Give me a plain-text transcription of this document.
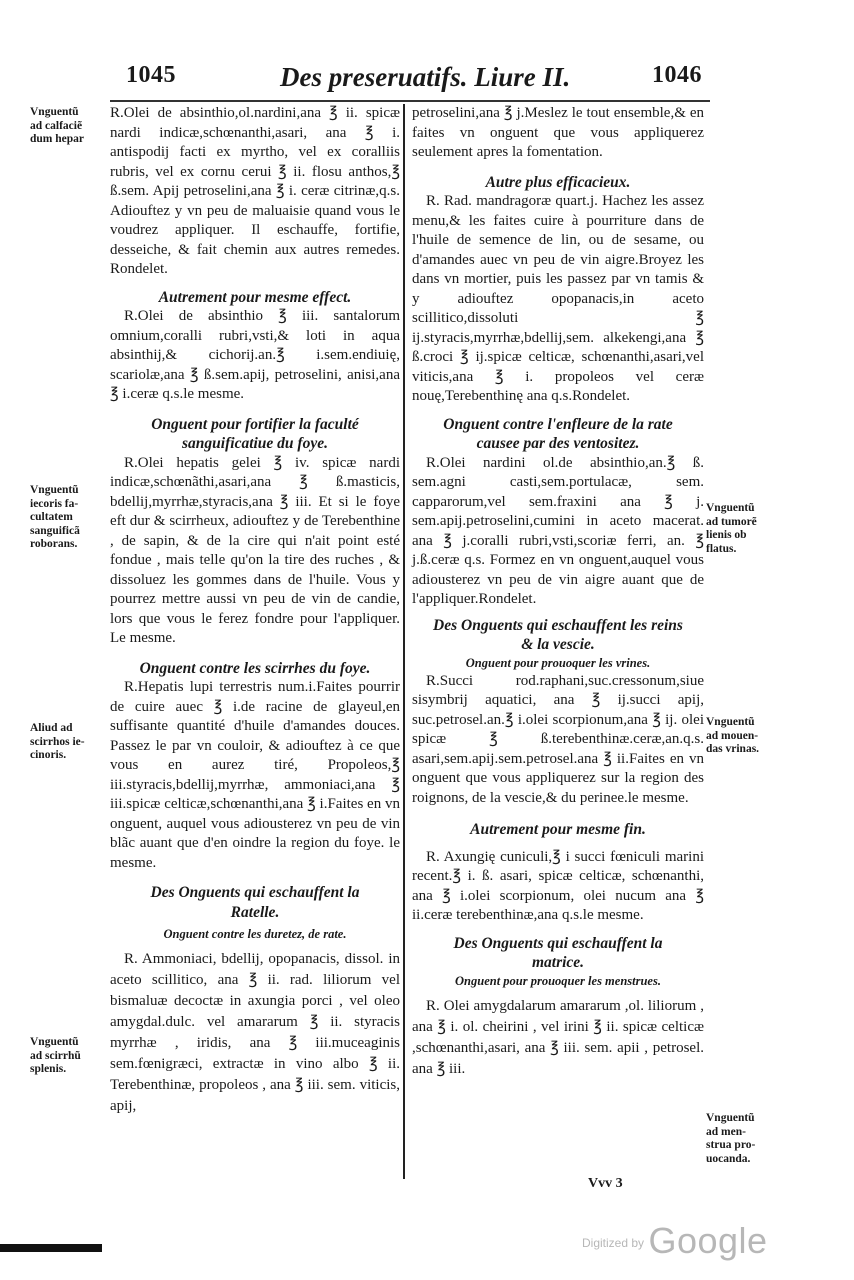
1045	Des preseruatifs. Liure II.	1046

R.Olei de absinthio,ol.nardini,ana ℥ ii. spicæ nardi indicæ,schœnanthi,asari, ana ℥ i. antispodij facti ex myrtho, vel ex coralliis rubris, vel ex cornu cerui ℥ ii. flosu anthos,℥ ß.sem. Apij petroselini,ana ℥ i. ceræ citrinæ,q.s. Adiouftez y vn peu de maluaisie quand vous le voudrez appliquer. Il eschauffe, fortifie, desseiche, & fait chemin aux autres remedes. Rondelet.

Autrement pour mesme effect.

R.Olei de absinthio ℥ iii. santalorum omnium,coralli rubri,vsti,& loti in aqua absinthij,& cichorij.an.℥ i.sem.endiuię, scariolæ,ana ℥ ß.sem.apij, petroselini, anisi,ana ℥ i.ceræ q.s.le mesme.

Onguent pour fortifier la faculté

sanguificatiue du foye.

R.Olei hepatis gelei ℥ iv. spicæ nardi indicæ,schœnãthi,asari,ana ℥ ß.masticis, bdellij,myrrhæ,styracis,ana ℥ iii. Et si le foye eft dur & scirrheux, adiouftez y de Terebenthine , de sapin, & de la cire qui n'ait point esté fondue , mais telle qu'on la tire des ruches , & dissoluez les gommes dans de l'huile. Vous y pourrez mettre aussi vn peu de vin de candie, lors que vous le ferez fondre pour l'appliquer. Le mesme.

Onguent contre les scirrhes du foye.

R.Hepatis lupi terrestris num.i.Faites pourrir de cuire auec ℥ i.de racine de glayeul,en suffisante quantité d'huile d'amandes douces. Passez le par vn couloir, & adiouftez à ce que vous en aurez tiré, Propoleos,℥ iii.styracis,bdellij,myrrhæ, ammoniaci,ana ℥ iii.spicæ celticæ,schœnanthi,ana ℥ i.Faites en vn onguent, auquel vous adiousterez vn peu de vin blãc auant que d'en oindre la region du foye. le mesme.

Des Onguents qui eschauffent la

Ratelle.

Onguent contre les duretez, de rate.

R. Ammoniaci, bdellij, opopanacis, dissol. in aceto scillitico, ana ℥ ii. rad. liliorum vel bismaluæ decoctæ in axungia porci , vel oleo amygdal.dulc. vel amararum ℥ ii. styracis myrrhæ , iridis, ana ℥ iii.muceaginis sem.fœnigræci, extractæ in vino albo ℥ ii. Terebenthinæ, propoleos , ana ℥ iii. sem. viticis, apij,

petroselini,ana ℥ j.Meslez le tout ensemble,& en faites vn onguent que vous appliquerez seulement apres la fomentation.

Autre plus efficacieux.

R. Rad. mandragoræ quart.j. Hachez les assez menu,& les faites cuire à pourriture dans de l'huile de semence de lin, ou de sesame, ou d'amandes auec vn peu de vin aigre.Broyez les dans vn mortier, puis les passez par vn tamis & y adiouftez opopanacis,in aceto scillitico,dissoluti ℥ ij.styracis,myrrhæ,bdellij,sem. alkekengi,ana ℥ ß.croci ℥ ij.spicæ celticæ, schœnanthi,asari,vel viticis,ana ℥ i. propoleos vel ceræ nouę,Terebenthinę ana q.s.Rondelet.

Onguent contre l'enfleure de la rate

causee par des ventositez.

R.Olei nardini ol.de absinthio,an.℥ ß. sem.agni casti,sem.portulacæ, sem. capparorum,vel sem.fraxini ana ℥ j. sem.apij.petroselini,cumini in aceto macerat. ana ℥ j.coralli rubri,vsti,scoriæ ferri, an. ℥ j.ß.ceræ q.s. Formez en vn onguent,auquel vous adiousterez vn peu de vin aigre auant que de l'appliquer.Rondelet.

Des Onguents qui eschauffent les reins

& la vescie.

Onguent pour prouoquer les vrines.

R.Succi rod.raphani,suc.cressonum,siue sisymbrij aquatici, ana ℥ ij.succi apij, suc.petrosel.an.℥ i.olei scorpionum,ana ℥ ij. olei spicæ ℥ ß.terebenthinæ.ceræ,an.q.s. asari,sem.apij.sem.petrosel.ana ℥ ii.Faites en vn onguent que vous appliquerez sur la region des roignons, de la vescie,& du perinee.le mesme.

Autrement pour mesme fin.

R. Axungię cuniculi,℥ i succi fœniculi marini recent.℥ i. ß. asari, spicæ celticæ, schœnanthi, ana ℥ i.olei scorpionum, olei nucum ana ℥ ii.ceræ terebenthinæ,ana q.s.le mesme.

Des Onguents qui eschauffent la

matrice.

Onguent pour prouoquer les menstrues.

R. Olei amygdalarum amararum ,ol. liliorum , ana ℥ i. ol. cheirini , vel irini ℥ ii. spicæ celticæ ,schœnanthi,asari, ana ℥ iii. sem. apii , petrosel. ana ℥ iii.

Vnguentũ
ad calfaciẽ
dum hepar
Vnguentũ
iecoris fa-
cultatem
sanguificã
roborans.
Aliud ad
scirrhos ie-
cinoris.
Vnguentũ
ad scirrhũ
splenis.
Vnguentũ
ad tumorẽ
lienis ob
flatus.
Vnguentũ
ad mouen-
das vrinas.
Vnguentũ
ad men-
strua pro-
uocanda.
Vvv 3
$^{Digitized by}$ Google
